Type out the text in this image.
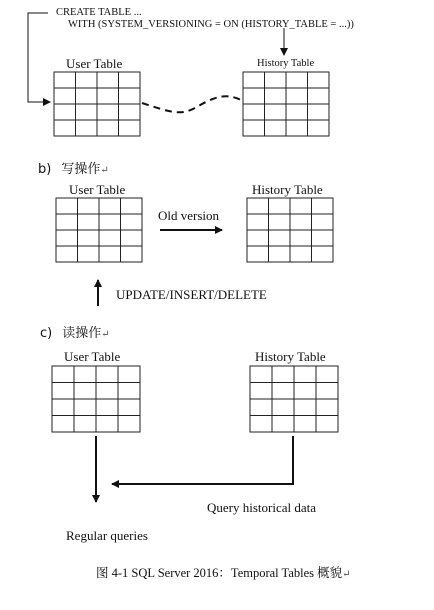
CREATE TABLE ...
WITH (SYSTEM_VERSIONING = ON (HISTORY_TABLE = ...))
User Table	History Table
b) 写操作↵
User Table	History Table
Old version
UPDATE/INSERT/DELETE
c) 读操作↵
User Table	History Table
Query historical data
Regular queries
图 4-1 SQL Server 2016：Temporal Tables 概貌↵
